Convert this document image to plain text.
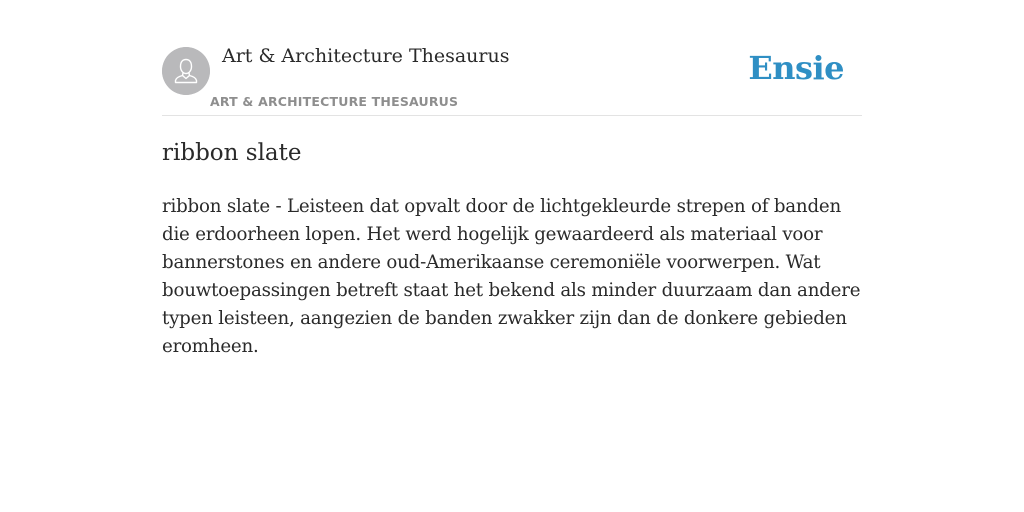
Art & Architecture Thesaurus
ART & ARCHITECTURE THESAURUS
Ensie
ribbon slate

ribbon slate - Leisteen dat opvalt door de lichtgekleurde strepen of banden die erdoorheen lopen. Het werd hogelijk gewaardeerd als materiaal voor bannerstones en andere oud-Amerikaanse ceremoniële voorwerpen. Wat bouwtoepassingen betreft staat het bekend als minder duurzaam dan andere typen leisteen, aangezien de banden zwakker zijn dan de donkere gebieden eromheen.
